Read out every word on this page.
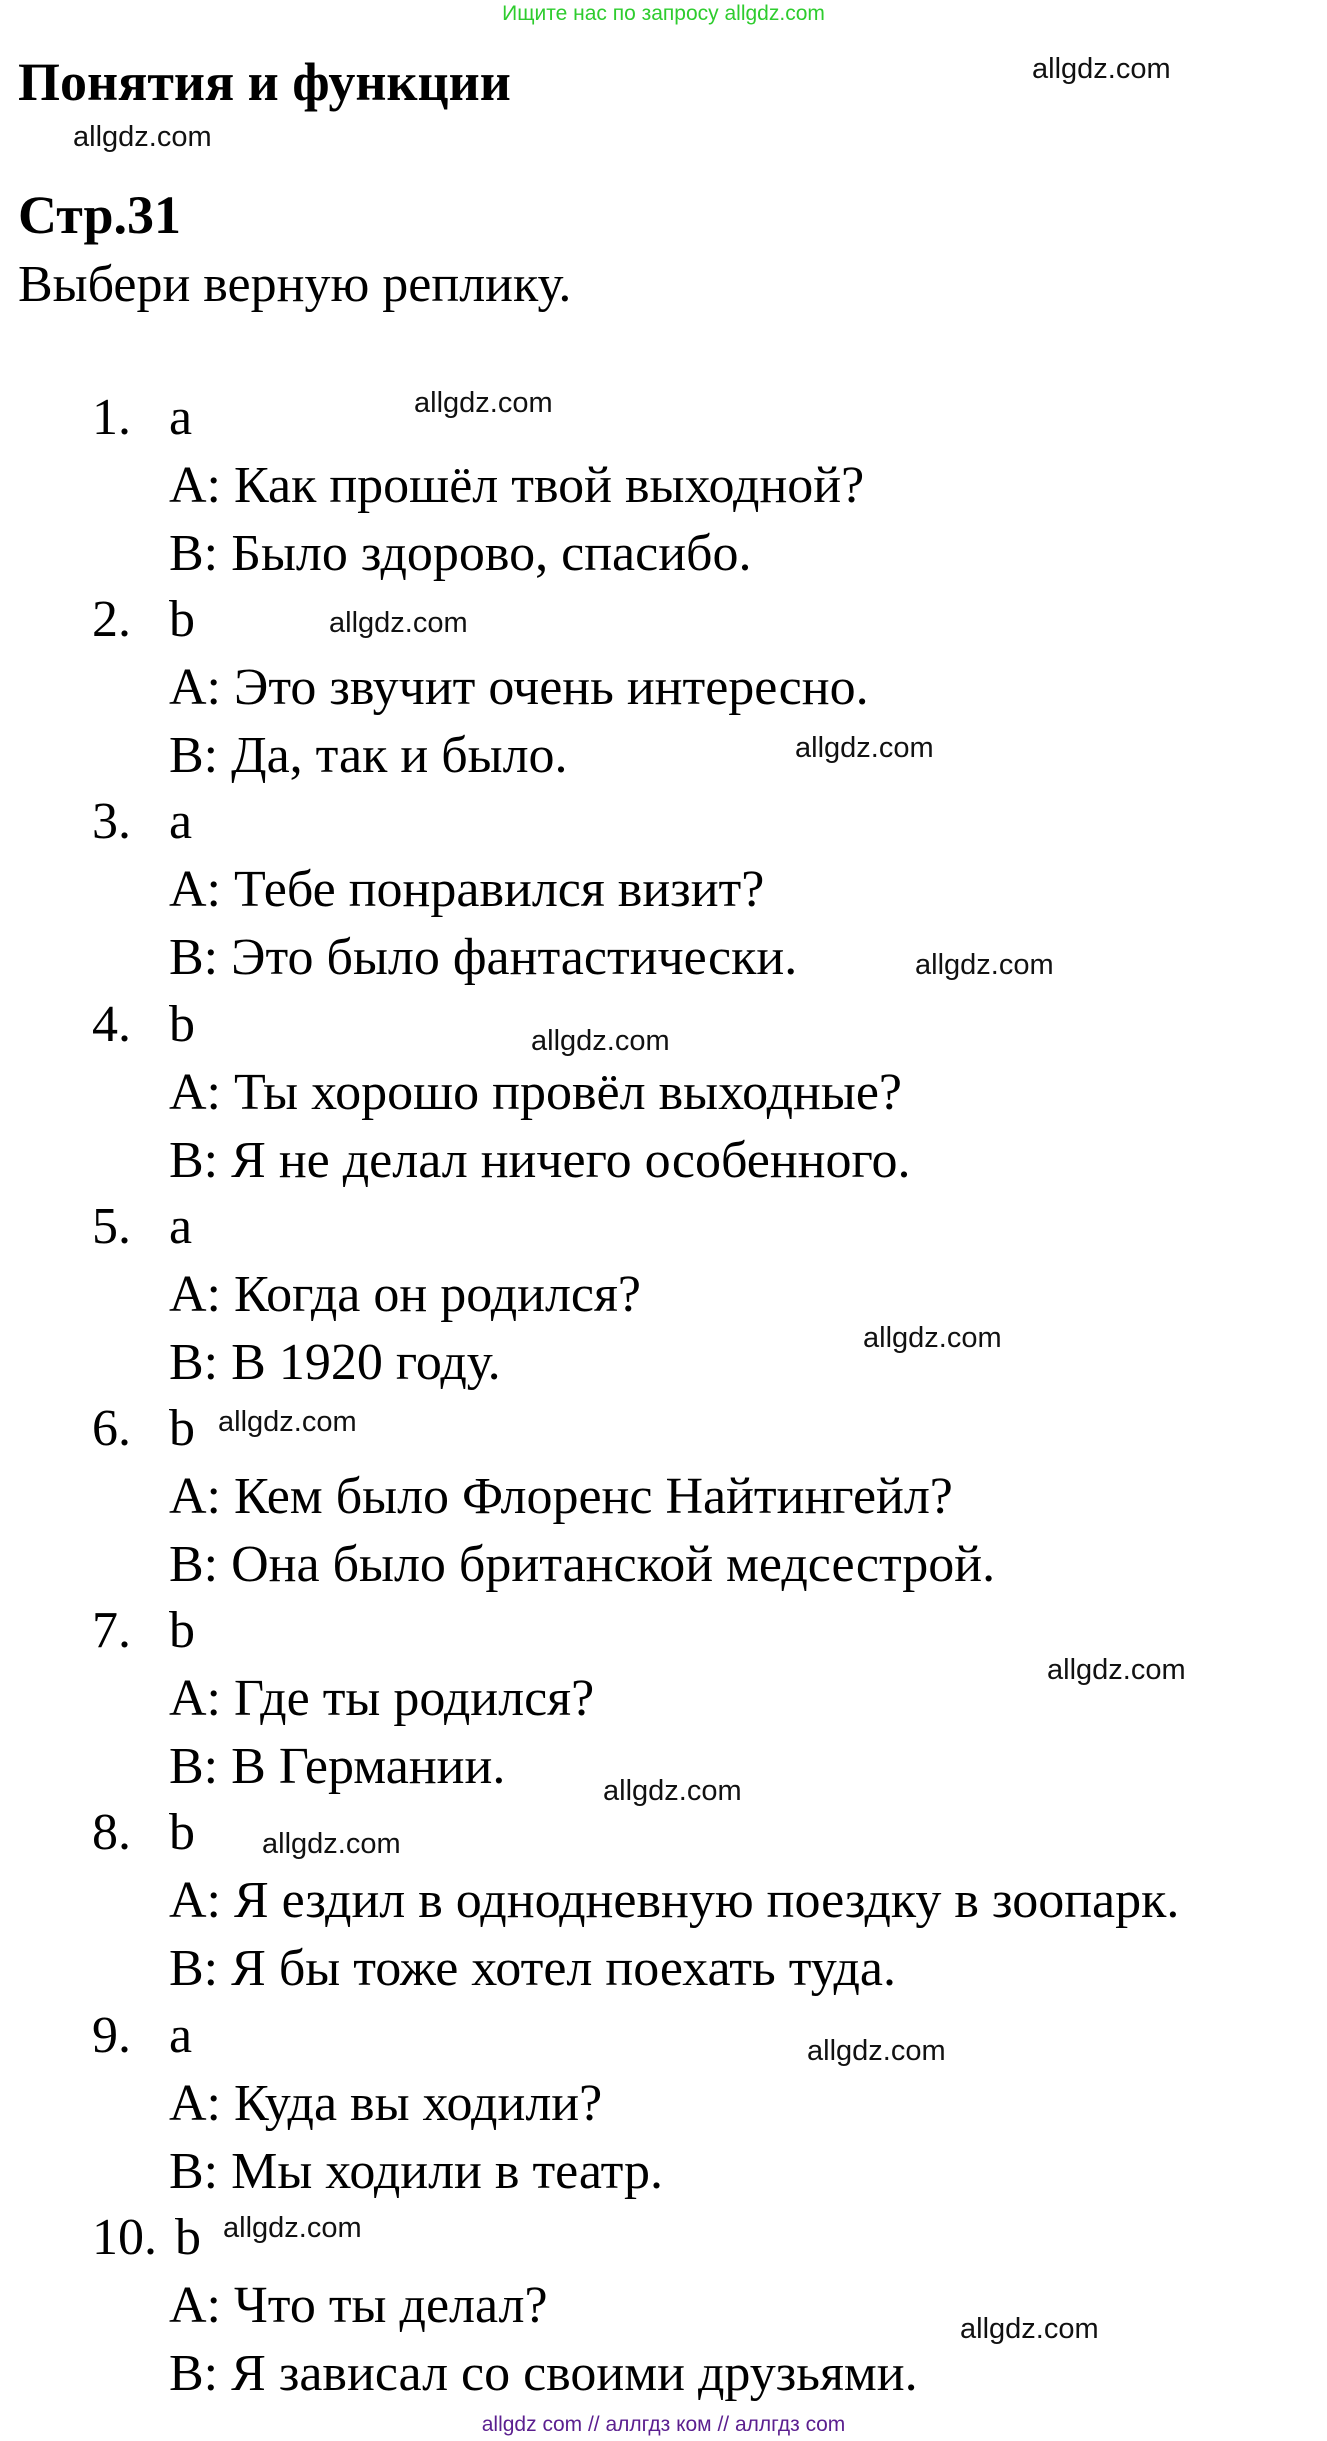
Ищите нас по запросу allgdz.com
Понятия и функции
Стр.31
Выбери верную реплику.
1. a
A: Как прошёл твой выходной?
B: Было здорово, спасибо.
2. b
A: Это звучит очень интересно.
B: Да, так и было.
3. a
A: Тебе понравился визит?
B: Это было фантастически.
4. b
A: Ты хорошо провёл выходные?
B: Я не делал ничего особенного.
5. a
A: Когда он родился?
B: В 1920 году.
6. b
A: Кем было Флоренс Найтингейл?
B: Она было британской медсестрой.
7. b
A: Где ты родился?
B: В Германии.
8. b
A: Я ездил в однодневную поездку в зоопарк.
B: Я бы тоже хотел поехать туда.
9. a
A: Куда вы ходили?
B: Мы ходили в театр.
10. b
A: Что ты делал?
B: Я зависал со своими друзьями.
allgdz.com
allgdz.com
allgdz.com
allgdz.com
allgdz.com
allgdz.com
allgdz.com
allgdz.com
allgdz.com
allgdz.com
allgdz.com
allgdz.com
allgdz.com
allgdz.com
allgdz.com
allgdz com // аллгдз ком // аллгдз com
